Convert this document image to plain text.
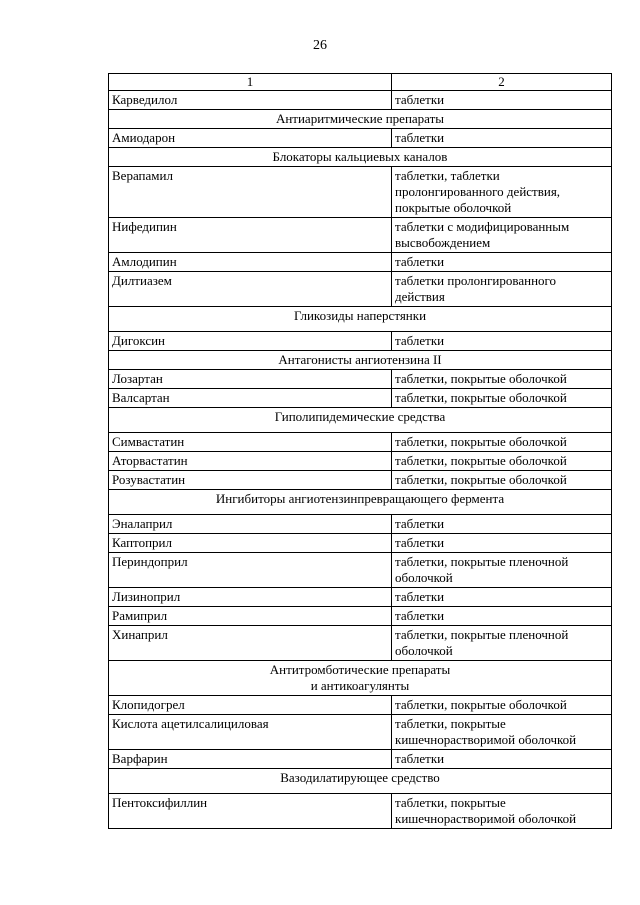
26
1	2
Карведилол	таблетки
Антиаритмические препараты	
Амиодарон	таблетки
Блокаторы кальциевых каналов	
Верапамил	таблетки, таблетки пролонгированного действия, покрытые оболочкой
Нифедипин	таблетки с модифицированным высвобождением
Амлодипин	таблетки
Дилтиазем	таблетки пролонгированного действия
Гликозиды наперстянки	
Дигоксин	таблетки
Антагонисты ангиотензина II	
Лозартан	таблетки, покрытые оболочкой
Валсартан	таблетки, покрытые оболочкой
Гиполипидемические средства	
Симвастатин	таблетки, покрытые оболочкой
Аторвастатин	таблетки, покрытые оболочкой
Розувастатин	таблетки, покрытые оболочкой
Ингибиторы ангиотензинпревращающего фермента	
Эналаприл	таблетки
Каптоприл	таблетки
Периндоприл	таблетки, покрытые пленочной оболочкой
Лизиноприл	таблетки
Рамиприл	таблетки
Хинаприл	таблетки, покрытые пленочной оболочкой

Антитромботические препараты
и антикоагулянты	

Клопидогрел	таблетки, покрытые оболочкой
Кислота ацетилсалициловая	таблетки, покрытые кишечнорастворимой оболочкой
Варфарин	таблетки
Вазодилатирующее средство	
Пентоксифиллин	таблетки, покрытые кишечнорастворимой оболочкой
